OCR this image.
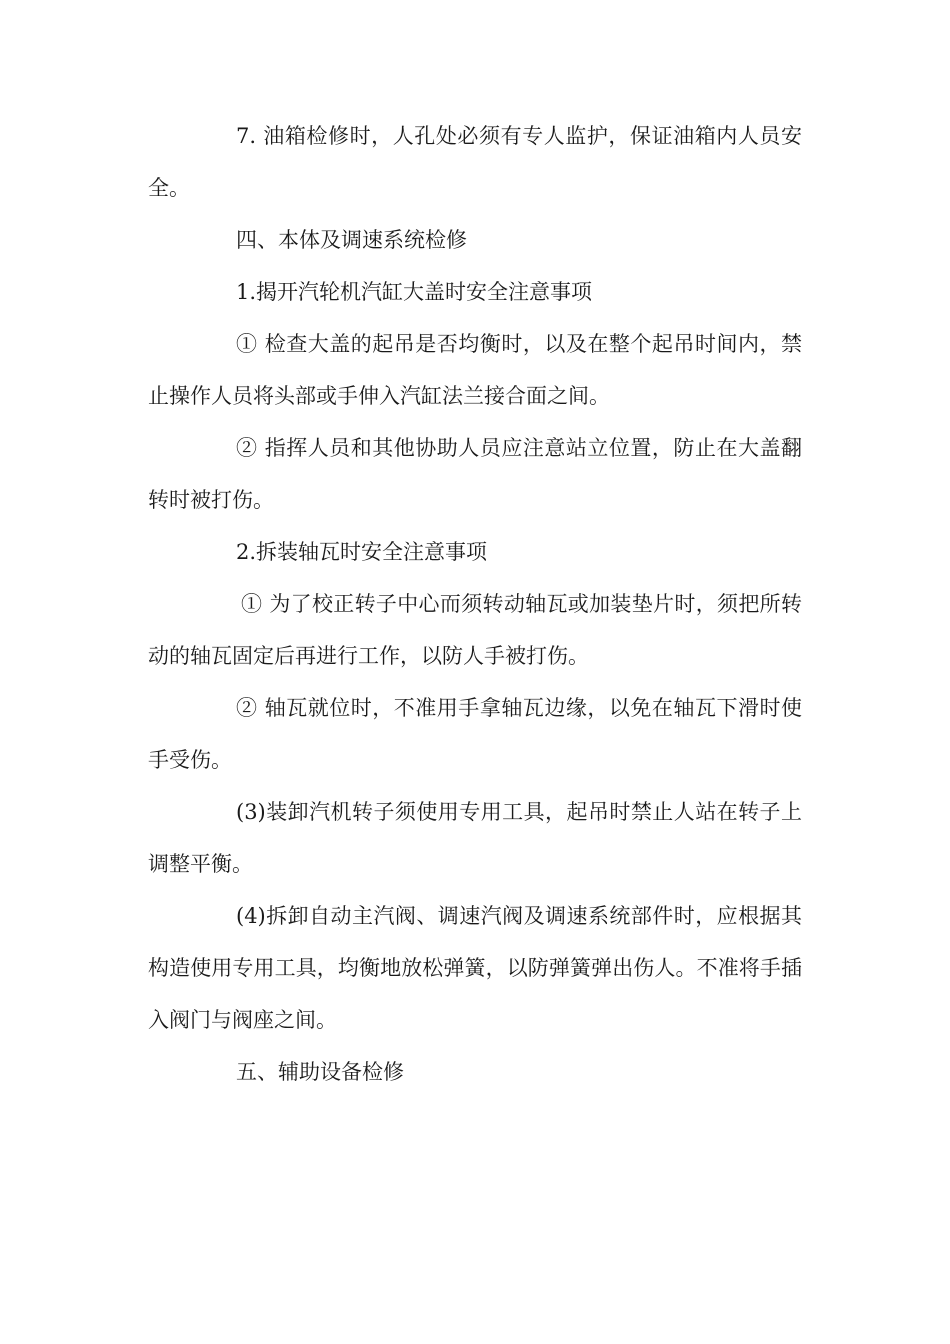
7. 油箱检修时，人孔处必须有专人监护，保证油箱内人员安全。

四、本体及调速系统检修

1.揭开汽轮机汽缸大盖时安全注意事项

① 检查大盖的起吊是否均衡时，以及在整个起吊时间内，禁止操作人员将头部或手伸入汽缸法兰接合面之间。

② 指挥人员和其他协助人员应注意站立位置，防止在大盖翻转时被打伤。

2.拆装轴瓦时安全注意事项

① 为了校正转子中心而须转动轴瓦或加装垫片时，须把所转动的轴瓦固定后再进行工作，以防人手被打伤。

② 轴瓦就位时，不准用手拿轴瓦边缘，以免在轴瓦下滑时使手受伤。

(3)装卸汽机转子须使用专用工具，起吊时禁止人站在转子上调整平衡。

(4)拆卸自动主汽阀、调速汽阀及调速系统部件时，应根据其构造使用专用工具，均衡地放松弹簧，以防弹簧弹出伤人。不准将手插入阀门与阀座之间。

五、辅助设备检修
